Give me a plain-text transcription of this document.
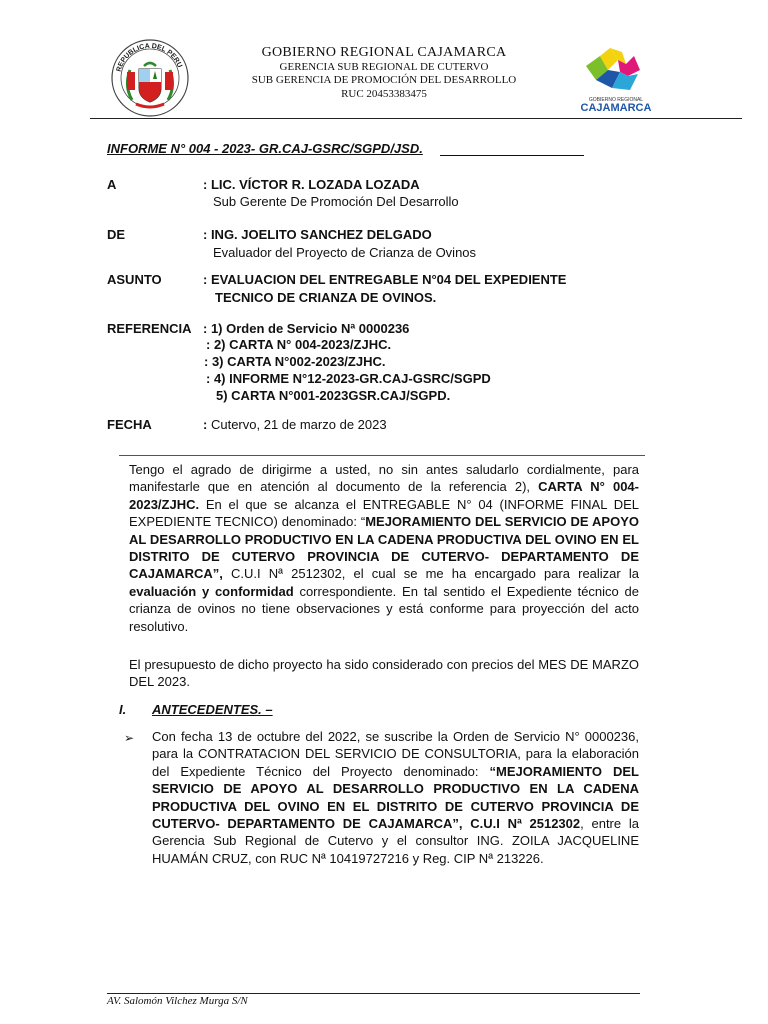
REPUBLICA DEL PERU
GOBIERNO REGIONAL CAJAMARCA
GERENCIA SUB REGIONAL DE CUTERVO
SUB GERENCIA DE PROMOCIÓN DEL DESARROLLO
RUC 20453383475	GOBIERNO REGIONAL
CAJAMARCA
INFORME N° 004 - 2023- GR.CAJ-GSRC/SGPD/JSD.
A	: LIC. VÍCTOR R. LOZADA LOZADA
Sub Gerente De Promoción Del Desarrollo
DE	: ING. JOELITO SANCHEZ DELGADO
Evaluador del Proyecto de Crianza de Ovinos
ASUNTO	: EVALUACION DEL ENTREGABLE N°04 DEL EXPEDIENTE
TECNICO DE CRIANZA DE OVINOS.
REFERENCIA : 1) Orden de Servicio Nª 0000236
: 2) CARTA N° 004-2023/ZJHC.
: 3) CARTA N°002-2023/ZJHC.
: 4) INFORME N°12-2023-GR.CAJ-GSRC/SGPD
5) CARTA N°001-2023GSR.CAJ/SGPD.
FECHA	: Cutervo, 21 de marzo de 2023
Tengo el agrado de dirigirme a usted, no sin antes saludarlo cordialmente, para manifestarle que en atención al documento de la referencia 2), CARTA N° 004-2023/ZJHC. En el que se alcanza el ENTREGABLE N° 04 (INFORME FINAL DEL EXPEDIENTE TECNICO) denominado: “MEJORAMIENTO DEL SERVICIO DE APOYO AL DESARROLLO PRODUCTIVO EN LA CADENA PRODUCTIVA DEL OVINO EN EL DISTRITO DE CUTERVO PROVINCIA DE CUTERVO- DEPARTAMENTO DE CAJAMARCA”, C.U.I Nª 2512302, el cual se me ha encargado para realizar la evaluación y conformidad correspondiente. En tal sentido el Expediente técnico de crianza de ovinos no tiene observaciones y está conforme para proyección del acto resolutivo.
El presupuesto de dicho proyecto ha sido considerado con precios del MES DE MARZO DEL 2023.
I. ANTECEDENTES. –
➢ Con fecha 13 de octubre del 2022, se suscribe la Orden de Servicio N° 0000236, para la CONTRATACION DEL SERVICIO DE CONSULTORIA, para la elaboración del Expediente Técnico del Proyecto denominado: “MEJORAMIENTO DEL SERVICIO DE APOYO AL DESARROLLO PRODUCTIVO EN LA CADENA PRODUCTIVA DEL OVINO EN EL DISTRITO DE CUTERVO PROVINCIA DE CUTERVO- DEPARTAMENTO DE CAJAMARCA”, C.U.I Nª 2512302, entre la Gerencia Sub Regional de Cutervo y el consultor ING. ZOILA JACQUELINE HUAMÁN CRUZ, con RUC Nª 10419727216 y Reg. CIP Nª 213226.
AV. Salomón Vilchez Murga S/N
